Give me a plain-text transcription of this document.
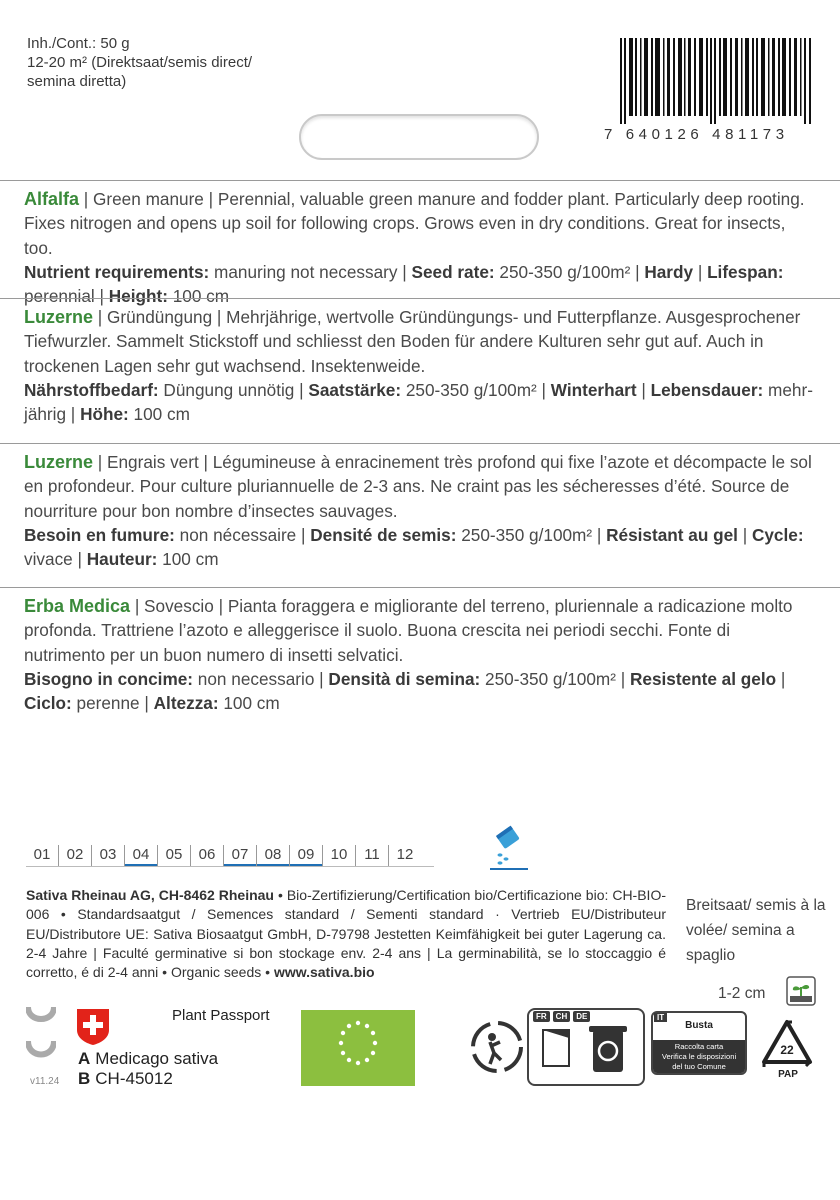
Inh./Cont.: 50 g
12-20 m² (Direktsaat/semis direct/
semina diretta)
7 640126 481173

Alfalfa | Green manure | Perennial, valuable green manure and fodder plant. Particularly deep rooting. Fixes nitrogen and opens up soil for following crops. Grows even in dry conditions. Great for insects, too.

Nutrient requirements: manuring not necessary | Seed rate: 250-350 g/100m² | Hardy | Lifespan: perennial | Height: 100 cm

Luzerne | Gründüngung | Mehrjährige, wertvolle Gründüngungs- und Futterpflanze. Ausgesprochener Tiefwurzler. Sammelt Stickstoff und schliesst den Boden für andere Kulturen sehr gut auf. Auch in trockenen Lagen sehr gut wachsend. Insektenweide.

Nährstoffbedarf: Düngung unnötig | Saatstärke: 250-350 g/100m² | Winterhart | Lebensdauer: mehr-jährig | Höhe: 100 cm

Luzerne | Engrais vert | Légumineuse à enracinement très profond qui fixe l’azote et décompacte le sol en profondeur. Pour culture pluriannuelle de 2-3 ans. Ne craint pas les sécheresses d’été. Source de nourriture pour bon nombre d’insectes sauvages.

Besoin en fumure: non nécessaire | Densité de semis: 250-350 g/100m² | Résistant au gel | Cycle: vivace | Hauteur: 100 cm

Erba Medica | Sovescio | Pianta foraggera e migliorante del terreno, pluriennale a radicazione molto profonda. Trattriene l’azoto e alleggerisce il suolo. Buona crescita nei periodi secchi. Fonte di nutrimento per un buon numero di insetti selvatici.

Bisogno in concime: non necessario | Densità di semina: 250-350 g/100m² | Resistente al gelo | Ciclo: perenne | Altezza: 100 cm

01	02	03	04	05	06	07	08	09	10	11	12

Sativa Rheinau AG, CH-8462 Rheinau • Bio-Zertifizierung/Certification bio/Certificazione bio: CH-BIO-006 • Standardsaatgut / Semences standard / Sementi standard · Vertrieb EU/Distributeur EU/Distributore UE: Sativa Biosaatgut GmbH, D-79798 Jestetten Keimfähigkeit bei guter Lagerung ca. 2-4 Jahre | Faculté germinative si bon stockage env. 2-4 ans | La germinabilità, se lo stoccaggio é corretto, é di 2-4 anni • Organic seeds • www.sativa.bio

Breitsaat/ semis à la volée/ semina a spaglio
1-2 cm
v11.24
Plant Passport
A Medicago sativa
B CH-45012
FR	CH	DE	IT
Busta
Raccolta carta
Verifica le disposizioni
del tuo Comune
22
PAP
